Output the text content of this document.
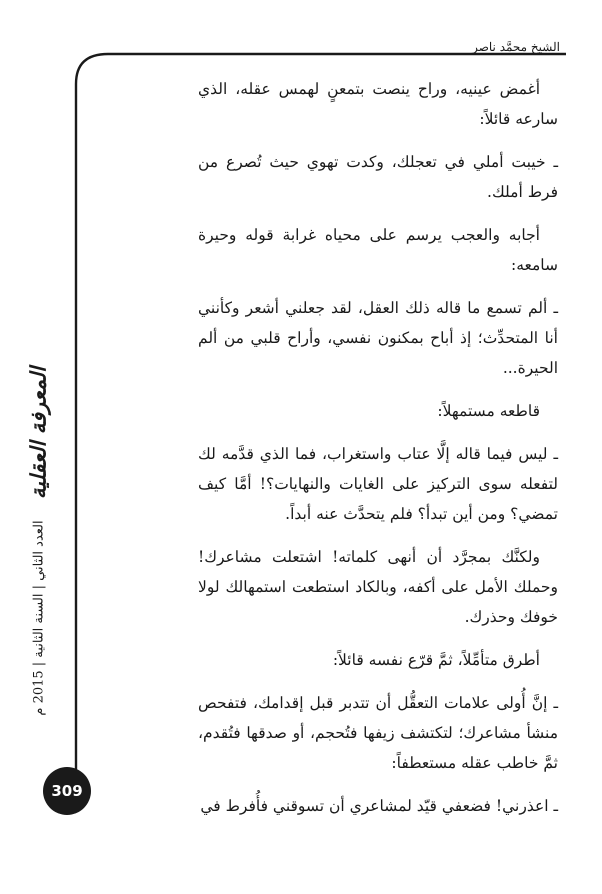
الشيخ محمَّد ناصر

أغمض عينيه، وراح ينصت بتمعنٍ لهمس عقله، الذي سارعه قائلاً:

ـ خيبت أملي في تعجلك، وكدت تهوي حيث تُصرع من فرط أملك.

أجابه والعجب يرسم على محياه غرابة قوله وحيرة سامعه:

ـ ألم تسمع ما قاله ذلك العقل، لقد جعلني أشعر وكأنني أنا المتحدِّث؛ إذ أباح بمكنون نفسي، وأراح قلبي من ألم الحيرة...

قاطعه مستمهلاً:

ـ ليس فيما قاله إلَّا عتاب واستغراب، فما الذي قدَّمه لك لتفعله سوى التركيز على الغايات والنهايات؟! أمَّا كيف تمضي؟ ومن أين تبدأ؟ فلم يتحدَّث عنه أبداً.

ولكنَّك بمجرَّد أن أنهى كلماته! اشتعلت مشاعرك! وحملك الأمل على أكفه، وبالكاد استطعت استمهالك لولا خوفك وحذرك.

أطرق متأمِّلاً، ثمَّ قرّع نفسه قائلاً:

ـ إنَّ أُولى علامات التعقُّل أن تتدبر قبل إقدامك، فتفحص منشأ مشاعرك؛ لتكتشف زيفها فتُحجم، أو صدقها فتُقدم، ثمَّ خاطب عقله مستعطفاً:

ـ اعذرني! فضعفي قيّد لمشاعري أن تسوقني فأُفرط في

المعرفة العقلية
العدد الثاني | السنة الثانية | 2015 م
309
